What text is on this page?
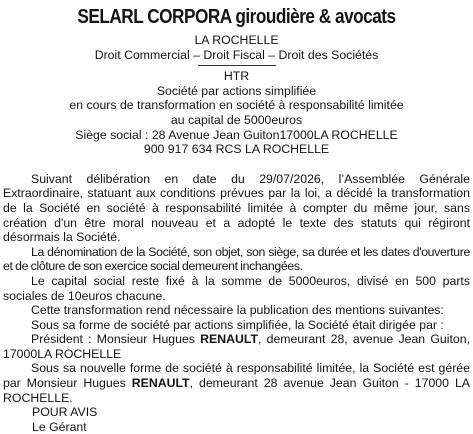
SELARL CORPORA giroudière & avocats
LA ROCHELLE
Droit Commercial – Droit Fiscal – Droit des Sociétés
HTR
Société par actions simplifiée
en cours de transformation en société à responsabilité limitée
au capital de 5000euros
Siège social : 28 Avenue Jean Guiton17000LA ROCHELLE
900 917 634 RCS LA ROCHELLE

Suivant délibération en date du 29/07/2026, l’Assemblée Générale Extraordinaire, statuant aux conditions prévues par la loi, a décidé la transformation de la Société en société à responsabilité limitée à compter du même jour, sans création d'un être moral nouveau et a adopté le texte des statuts qui régiront désormais la Société.

La dénomination de la Société, son objet, son siège, sa durée et les dates d'ouverture et de clôture de son exercice social demeurent inchangées.

Le capital social reste fixé à la somme de 5000euros, divisé en 500 parts sociales de 10euros chacune.

Cette transformation rend nécessaire la publication des mentions suivantes:

Sous sa forme de société par actions simplifiée, la Société était dirigée par :

Président : Monsieur Hugues RENAULT, demeurant 28, avenue Jean Guiton, 17000LA ROCHELLE

Sous sa nouvelle forme de société à responsabilité limitée, la Société est gérée par Monsieur Hugues RENAULT, demeurant 28 avenue Jean Guiton - 17000 LA ROCHELLE.

POUR AVIS

Le Gérant
